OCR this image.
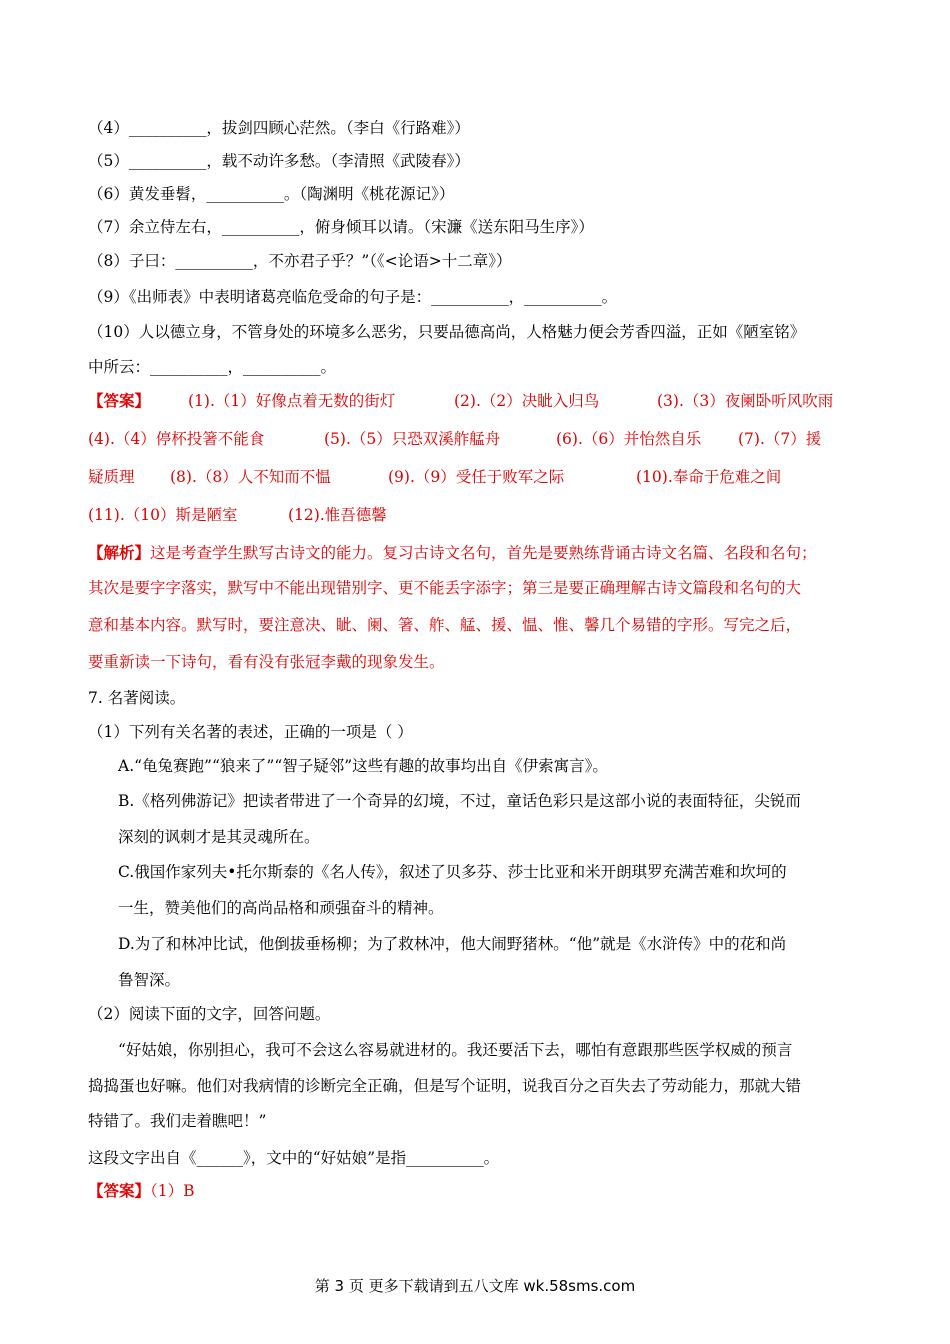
（4）__________，拔剑四顾心茫然。（李白《行路难》）
（5）__________，载不动许多愁。（李清照《武陵春》）
（6）黄发垂髫，__________。（陶渊明《桃花源记》）
（7）余立侍左右，__________，俯身倾耳以请。（宋濂《送东阳马生序》）
（8）子曰：__________，不亦君子乎？”（《<论语>十二章》）
（9）《出师表》中表明诸葛亮临危受命的句子是：__________，__________。
（10）人以德立身，不管身处的环境多么恶劣，只要品德高尚，人格魅力便会芳香四溢，正如《陋室铭》
中所云：__________，__________。
【答案】 (1).（1）好像点着无数的街灯	(2).（2）决眦入归鸟	(3).（3）夜阑卧听风吹雨
(4).（4）停杯投箸不能食	(5).（5）只恐双溪舴艋舟	(6).（6）并怡然自乐 (7).（7）援
疑质理 (8).（8）人不知而不愠	(9).（9）受任于败军之际	(10).奉命于危难之间
(11).（10）斯是陋室	(12).惟吾德馨
【解析】这是考查学生默写古诗文的能力。复习古诗文名句，首先是要熟练背诵古诗文名篇、名段和名句；
其次是要字字落实，默写中不能出现错别字、更不能丢字添字；第三是要正确理解古诗文篇段和名句的大
意和基本内容。默写时，要注意决、眦、阑、箸、舴、艋、援、愠、惟、馨几个易错的字形。写完之后，
要重新读一下诗句，看有没有张冠李戴的现象发生。
7. 名著阅读。
（1）下列有关名著的表述，正确的一项是（ ）
A.“龟兔赛跑”“狼来了”“智子疑邻”这些有趣的故事均出自《伊索寓言》。
B.《格列佛游记》把读者带进了一个奇异的幻境，不过，童话色彩只是这部小说的表面特征，尖锐而
深刻的讽刺才是其灵魂所在。
C.俄国作家列夫•托尔斯泰的《名人传》，叙述了贝多芬、莎士比亚和米开朗琪罗充满苦难和坎坷的
一生，赞美他们的高尚品格和顽强奋斗的精神。
D.为了和林冲比试，他倒拔垂杨柳；为了救林冲，他大闹野猪林。“他”就是《水浒传》中的花和尚
鲁智深。
（2）阅读下面的文字，回答问题。
“好姑娘，你别担心，我可不会这么容易就进材的。我还要活下去，哪怕有意跟那些医学权威的预言
捣捣蛋也好嘛。他们对我病情的诊断完全正确，但是写个证明，说我百分之百失去了劳动能力，那就大错
特错了。我们走着瞧吧！”
这段文字出自《______》，文中的“好姑娘”是指__________。
【答案】（1）B
第 3 页 更多下载请到五八文库 wk.58sms.com
